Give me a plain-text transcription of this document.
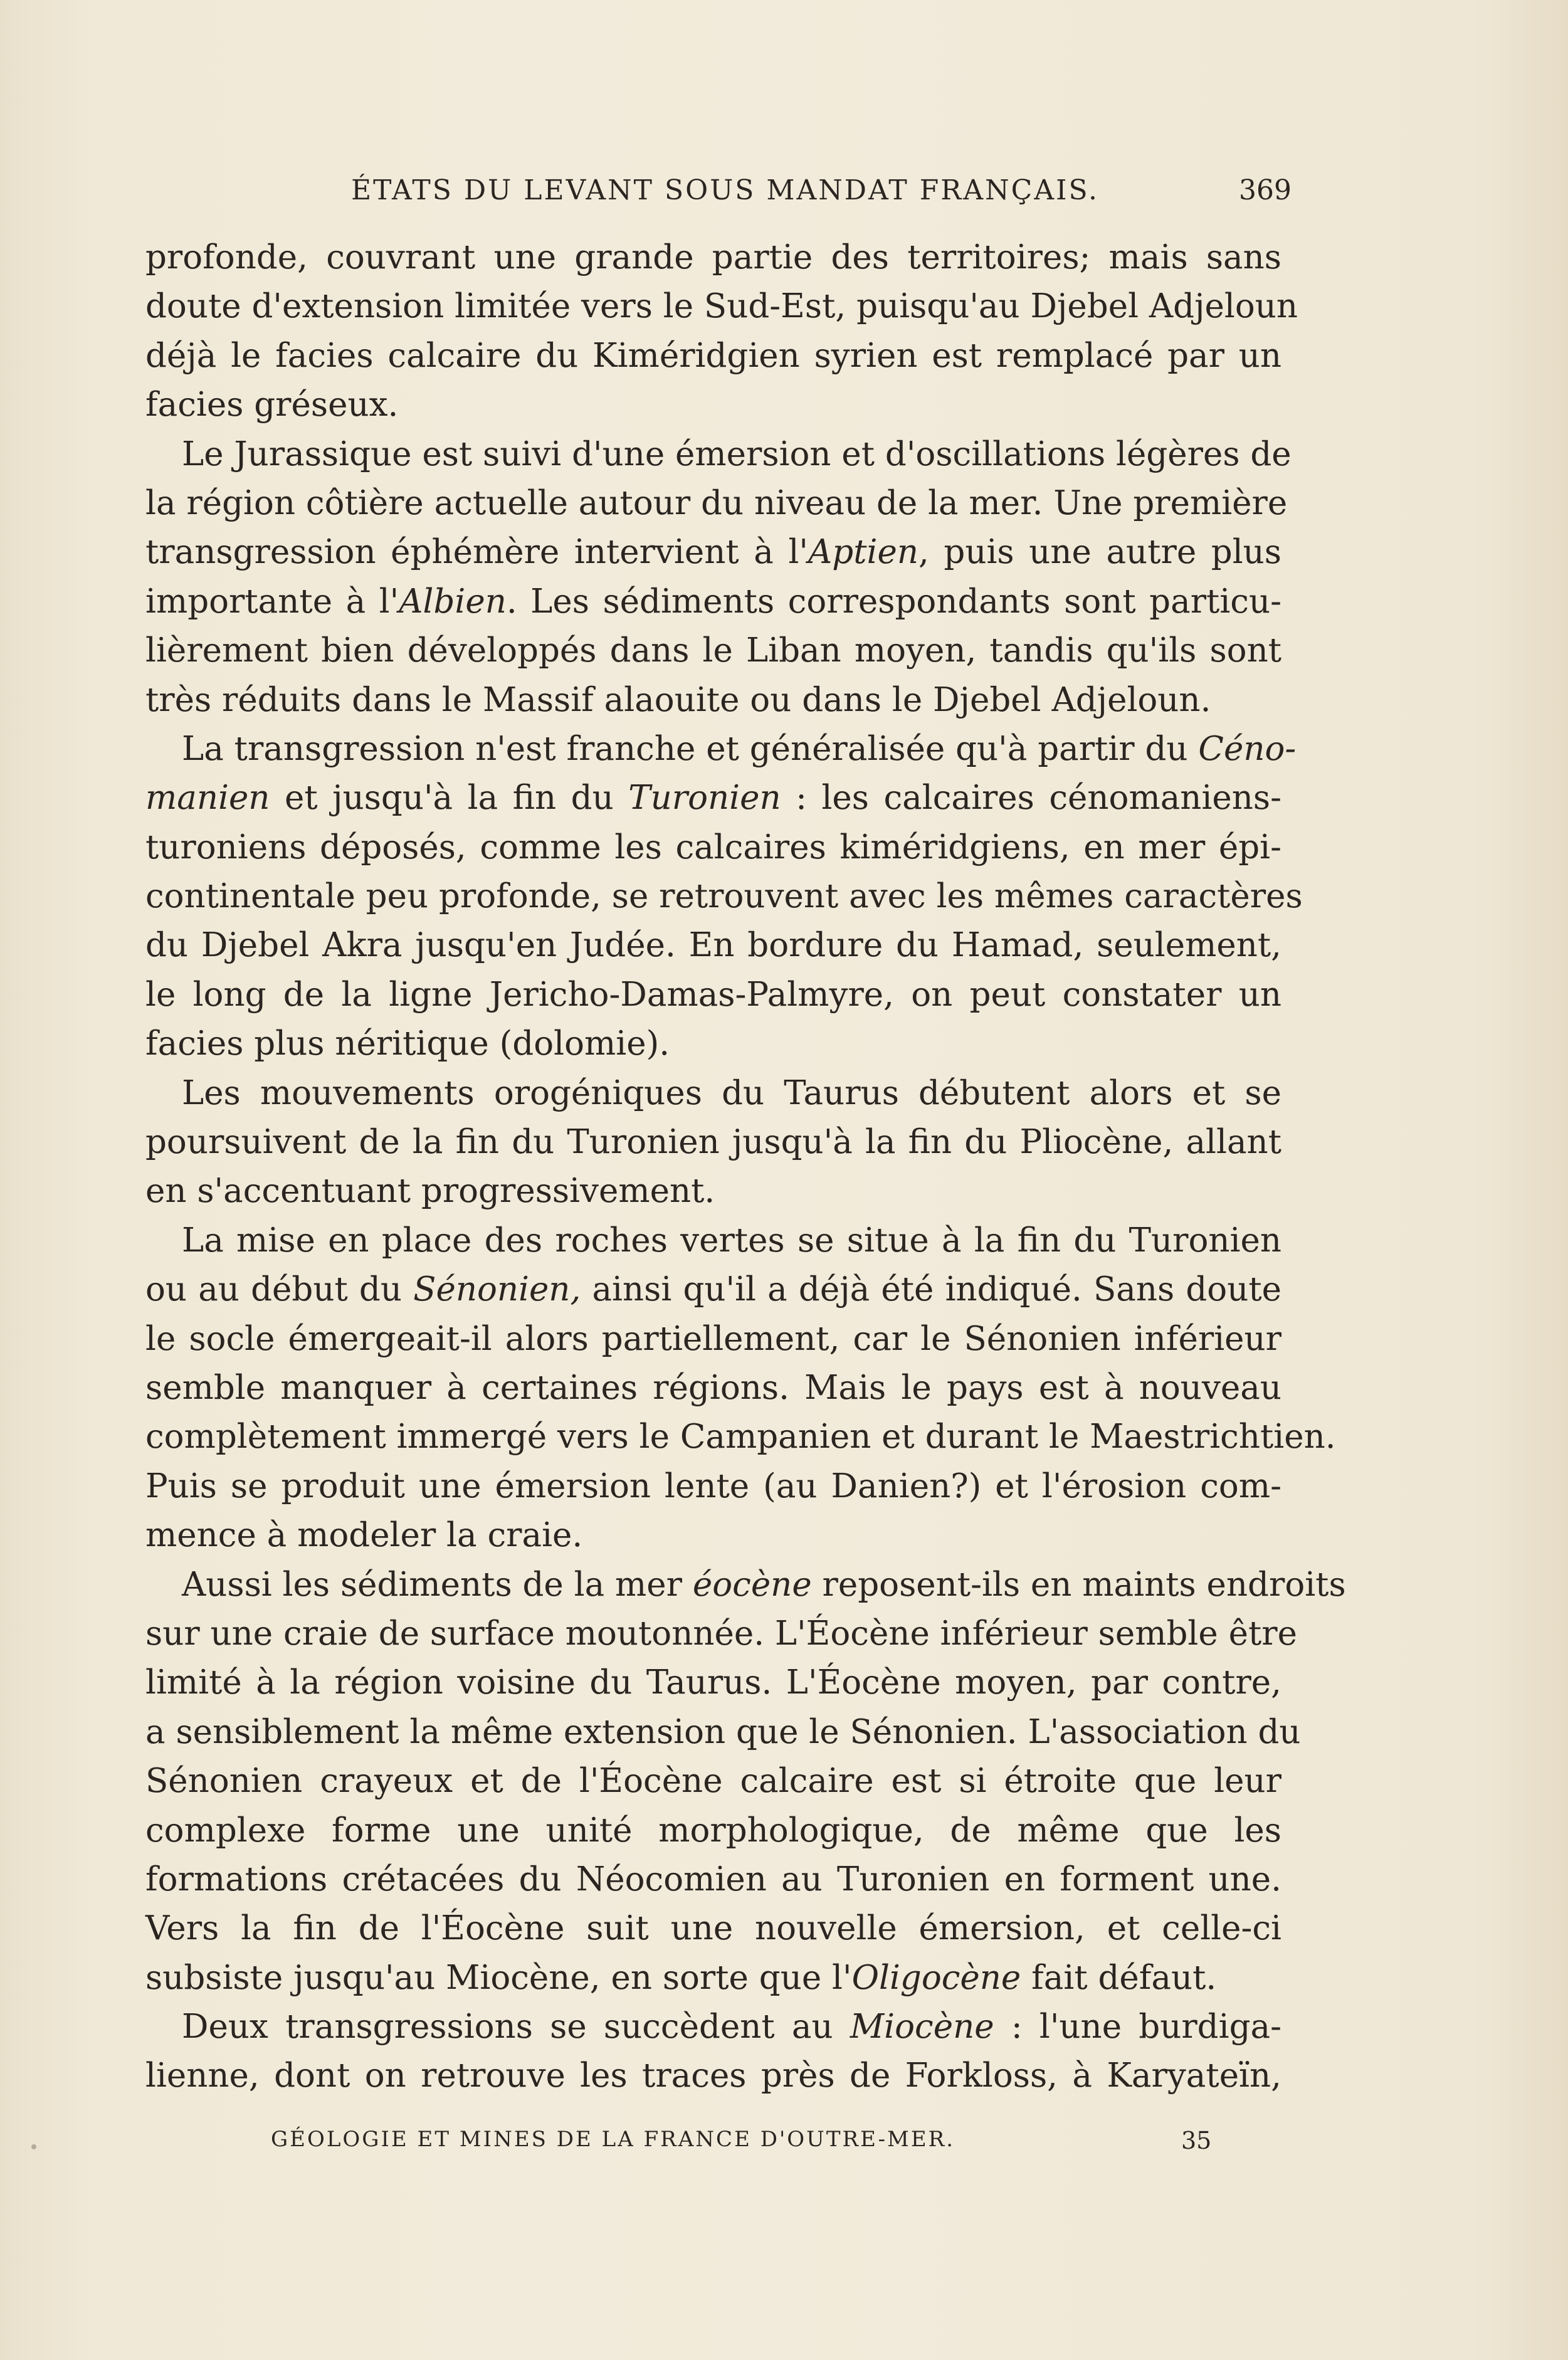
ÉTATS DU LEVANT SOUS MANDAT FRANÇAIS.	369
profonde, couvrant une grande partie des territoires; mais sans
doute d'extension limitée vers le Sud-Est, puisqu'au Djebel Adjeloun
déjà le facies calcaire du Kiméridgien syrien est remplacé par un
facies gréseux.
Le Jurassique est suivi d'une émersion et d'oscillations légères de
la région côtière actuelle autour du niveau de la mer. Une première
transgression éphémère intervient à l'Aptien, puis une autre plus
importante à l'Albien. Les sédiments correspondants sont particu-
lièrement bien développés dans le Liban moyen, tandis qu'ils sont
très réduits dans le Massif alaouite ou dans le Djebel Adjeloun.
La transgression n'est franche et généralisée qu'à partir du Céno-
manien et jusqu'à la fin du Turonien : les calcaires cénomaniens-
turoniens déposés, comme les calcaires kiméridgiens, en mer épi-
continentale peu profonde, se retrouvent avec les mêmes caractères
du Djebel Akra jusqu'en Judée. En bordure du Hamad, seulement,
le long de la ligne Jericho-Damas-Palmyre, on peut constater un
facies plus néritique (dolomie).
Les mouvements orogéniques du Taurus débutent alors et se
poursuivent de la fin du Turonien jusqu'à la fin du Pliocène, allant
en s'accentuant progressivement.
La mise en place des roches vertes se situe à la fin du Turonien
ou au début du Sénonien, ainsi qu'il a déjà été indiqué. Sans doute
le socle émergeait-il alors partiellement, car le Sénonien inférieur
semble manquer à certaines régions. Mais le pays est à nouveau
complètement immergé vers le Campanien et durant le Maestrichtien.
Puis se produit une émersion lente (au Danien?) et l'érosion com-
mence à modeler la craie.
Aussi les sédiments de la mer éocène reposent-ils en maints endroits
sur une craie de surface moutonnée. L'Éocène inférieur semble être
limité à la région voisine du Taurus. L'Éocène moyen, par contre,
a sensiblement la même extension que le Sénonien. L'association du
Sénonien crayeux et de l'Éocène calcaire est si étroite que leur
complexe forme une unité morphologique, de même que les
formations crétacées du Néocomien au Turonien en forment une.
Vers la fin de l'Éocène suit une nouvelle émersion, et celle-ci
subsiste jusqu'au Miocène, en sorte que l'Oligocène fait défaut.
Deux transgressions se succèdent au Miocène : l'une burdiga-
lienne, dont on retrouve les traces près de Forkloss, à Karyateïn,
GÉOLOGIE ET MINES DE LA FRANCE D'OUTRE-MER.	35
